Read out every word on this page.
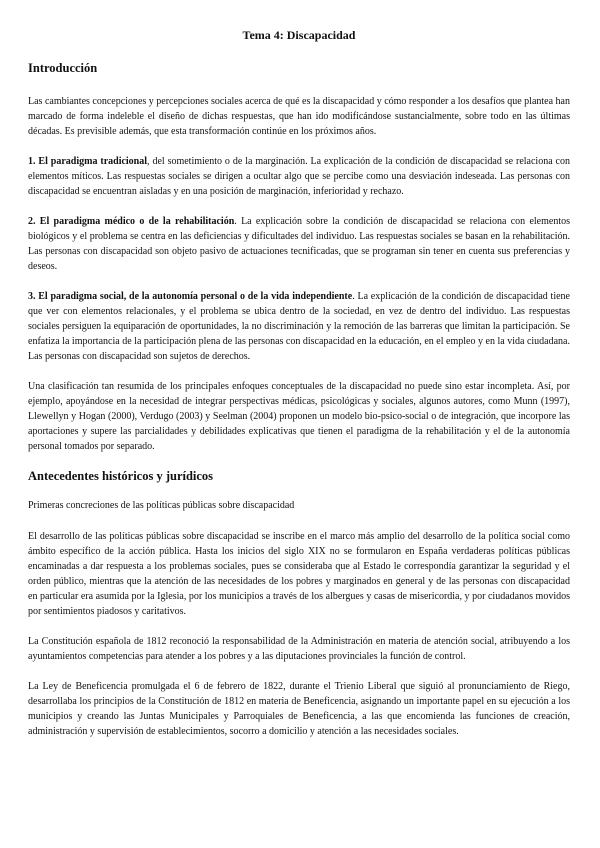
Tema 4: Discapacidad
Introducción

Las cambiantes concepciones y percepciones sociales acerca de qué es la discapacidad y cómo responder a los desafíos que plantea han marcado de forma indeleble el diseño de dichas respuestas, que han ido modificándose sustancialmente, sobre todo en las últimas décadas. Es previsible además, que esta transformación continúe en los próximos años.

1. El paradigma tradicional, del sometimiento o de la marginación. La explicación de la condición de discapacidad se relaciona con elementos míticos. Las respuestas sociales se dirigen a ocultar algo que se percibe como una desviación indeseada. Las personas con discapacidad se encuentran aisladas y en una posición de marginación, inferioridad y rechazo.

2. El paradigma médico o de la rehabilitación. La explicación sobre la condición de discapacidad se relaciona con elementos biológicos y el problema se centra en las deficiencias y dificultades del individuo. Las respuestas sociales se basan en la rehabilitación. Las personas con discapacidad son objeto pasivo de actuaciones tecnificadas, que se programan sin tener en cuenta sus preferencias y deseos.

3. El paradigma social, de la autonomía personal o de la vida independiente. La explicación de la condición de discapacidad tiene que ver con elementos relacionales, y el problema se ubica dentro de la sociedad, en vez de dentro del individuo. Las respuestas sociales persiguen la equiparación de oportunidades, la no discriminación y la remoción de las barreras que limitan la participación. Se enfatiza la importancia de la participación plena de las personas con discapacidad en la educación, en el empleo y en la vida ciudadana. Las personas con discapacidad son sujetos de derechos.

Una clasificación tan resumida de los principales enfoques conceptuales de la discapacidad no puede sino estar incompleta. Así, por ejemplo, apoyándose en la necesidad de integrar perspectivas médicas, psicológicas y sociales, algunos autores, como Munn (1997), Llewellyn y Hogan (2000), Verdugo (2003) y Seelman (2004) proponen un modelo bio-psico-social o de integración, que incorpore las aportaciones y supere las parcialidades y debilidades explicativas que tienen el paradigma de la rehabilitación y el de la autonomía personal tomados por separado.

Antecedentes históricos y jurídicos

Primeras concreciones de las políticas públicas sobre discapacidad

El desarrollo de las políticas públicas sobre discapacidad se inscribe en el marco más amplio del desarrollo de la política social como ámbito específico de la acción pública. Hasta los inicios del siglo XIX no se formularon en España verdaderas políticas públicas encaminadas a dar respuesta a los problemas sociales, pues se consideraba que al Estado le correspondía garantizar la seguridad y el orden público, mientras que la atención de las necesidades de los pobres y marginados en general y de las personas con discapacidad en particular era asumida por la Iglesia, por los municipios a través de los albergues y casas de misericordia, y por ciudadanos movidos por sentimientos piadosos y caritativos.

La Constitución española de 1812 reconoció la responsabilidad de la Administración en materia de atención social, atribuyendo a los ayuntamientos competencias para atender a los pobres y a las diputaciones provinciales la función de control.

La Ley de Beneficencia promulgada el 6 de febrero de 1822, durante el Trienio Liberal que siguió al pronunciamiento de Riego, desarrollaba los principios de la Constitución de 1812 en materia de Beneficencia, asignando un importante papel en su ejecución a los municipios y creando las Juntas Municipales y Parroquiales de Beneficencia, a las que encomienda las funciones de creación, administración y supervisión de establecimientos, socorro a domicilio y atención a las necesidades sociales.
